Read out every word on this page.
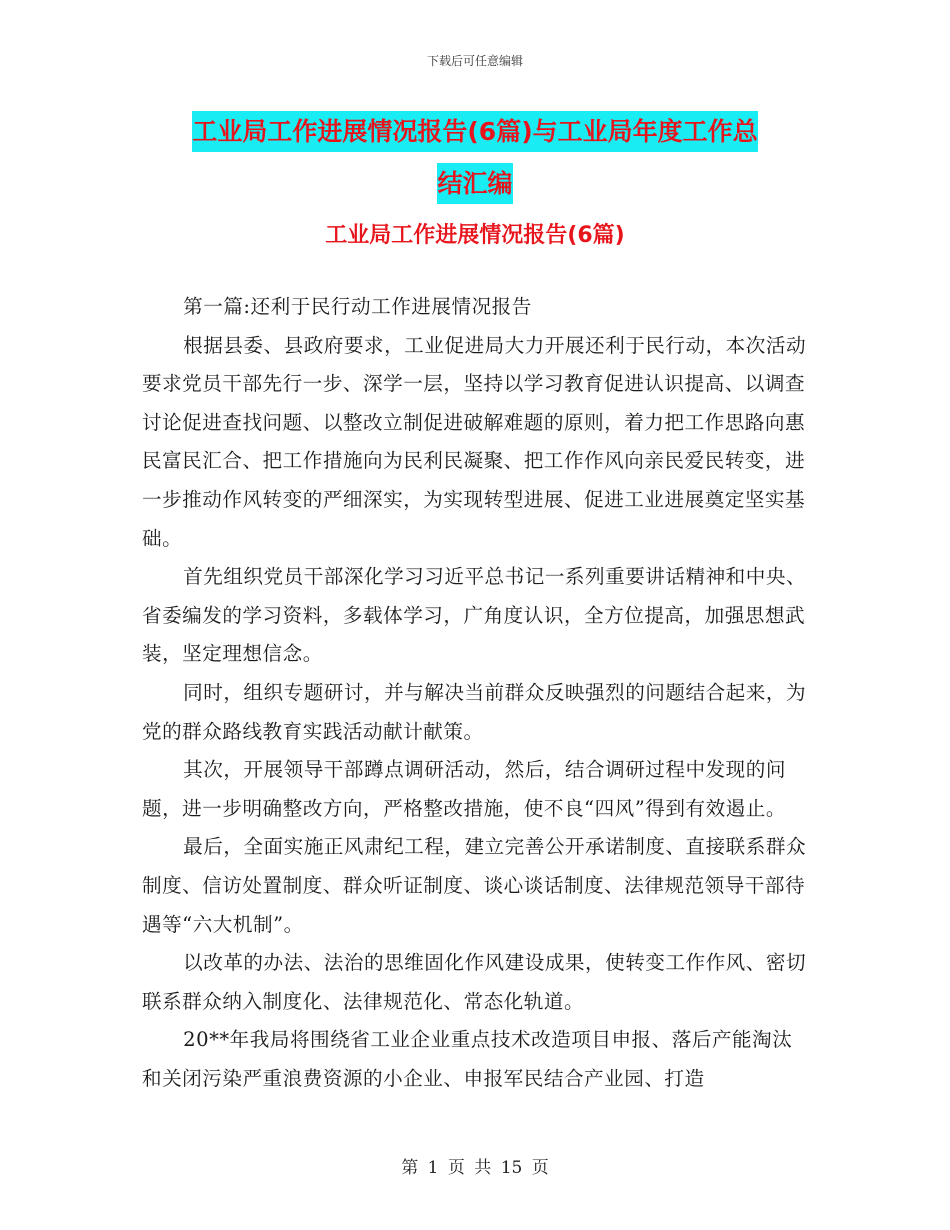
下载后可任意编辑
工业局工作进展情况报告(6篇)与工业局年度工作总
结汇编
工业局工作进展情况报告(6篇)

第一篇:还利于民行动工作进展情况报告

根据县委、县政府要求，工业促进局大力开展还利于民行动，本次活动要求党员干部先行一步、深学一层，坚持以学习教育促进认识提高、以调查讨论促进查找问题、以整改立制促进破解难题的原则，着力把工作思路向惠民富民汇合、把工作措施向为民利民凝聚、把工作作风向亲民爱民转变，进一步推动作风转变的严细深实，为实现转型进展、促进工业进展奠定坚实基础。

首先组织党员干部深化学习习近平总书记一系列重要讲话精神和中央、省委编发的学习资料，多载体学习，广角度认识，全方位提高，加强思想武装，坚定理想信念。

同时，组织专题研讨，并与解决当前群众反映强烈的问题结合起来，为党的群众路线教育实践活动献计献策。

其次，开展领导干部蹲点调研活动，然后，结合调研过程中发现的问题，进一步明确整改方向，严格整改措施，使不良“四风”得到有效遏止。

最后，全面实施正风肃纪工程，建立完善公开承诺制度、直接联系群众制度、信访处置制度、群众听证制度、谈心谈话制度、法律规范领导干部待遇等“六大机制”。

以改革的办法、法治的思维固化作风建设成果，使转变工作作风、密切联系群众纳入制度化、法律规范化、常态化轨道。

20**年我局将围绕省工业企业重点技术改造项目申报、落后产能淘汰和关闭污染严重浪费资源的小企业、申报军民结合产业园、打造

第 1 页 共 15 页
